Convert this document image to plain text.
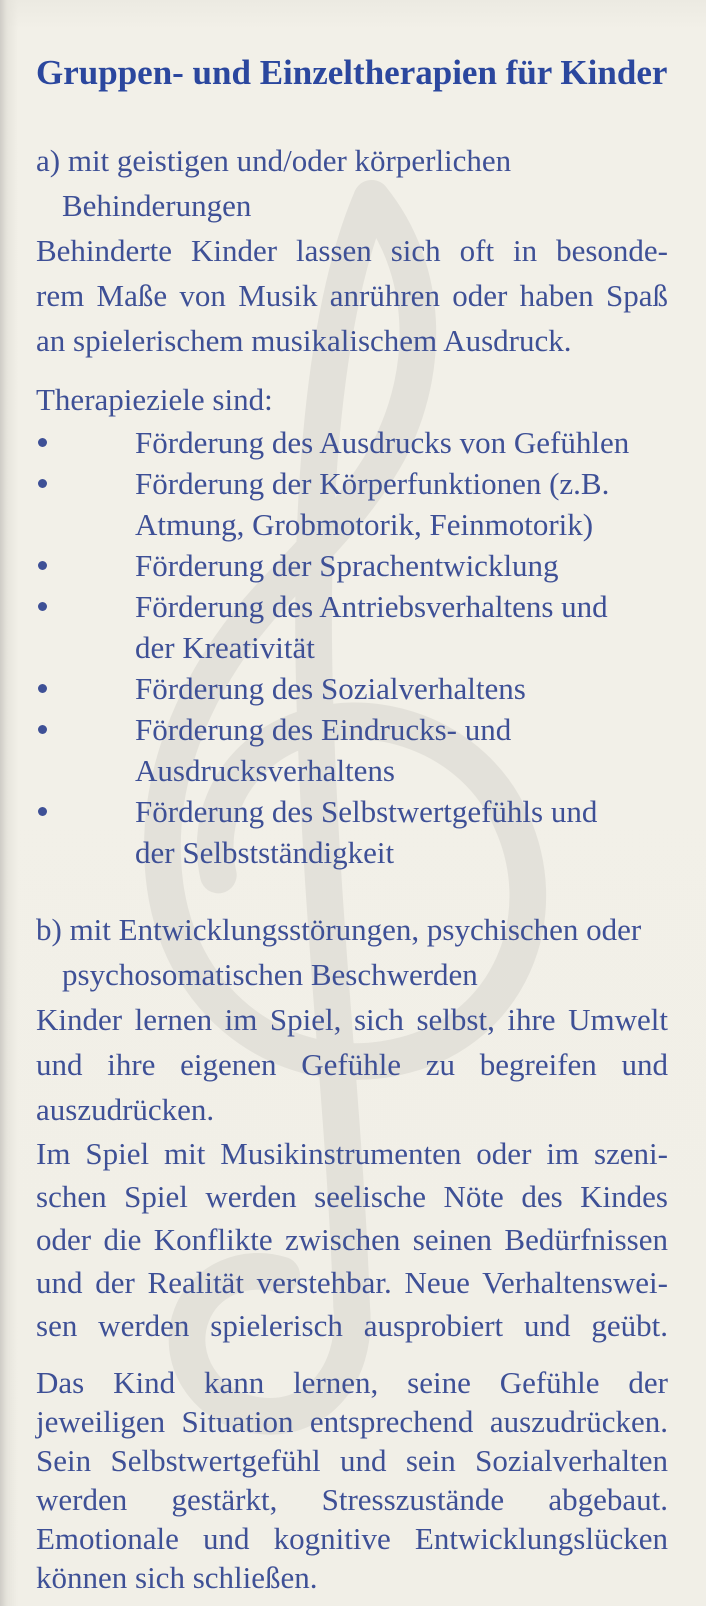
Gruppen- und Einzeltherapien für Kinder
a) mit geistigen und/oder körperlichen
Behinderungen
Behinderte Kinder lassen sich oft in besonde-
rem Maße von Musik anrühren oder haben Spaß
an spielerischem musikalischem Ausdruck.
Therapieziele sind:
Förderung des Ausdrucks von Gefühlen
Förderung der Körperfunktionen (z.B.
Atmung, Grobmotorik, Feinmotorik)
Förderung der Sprachentwicklung
Förderung des Antriebsverhaltens und
der Kreativität
Förderung des Sozialverhaltens
Förderung des Eindrucks- und
Ausdrucksverhaltens
Förderung des Selbstwertgefühls und
der Selbstständigkeit
b) mit Entwicklungsstörungen, psychischen oder
psychosomatischen Beschwerden
Kinder lernen im Spiel, sich selbst, ihre Umwelt
und ihre eigenen Gefühle zu begreifen und
auszudrücken.
Im Spiel mit Musikinstrumenten oder im szeni-
schen Spiel werden seelische Nöte des Kindes
oder die Konflikte zwischen seinen Bedürfnissen
und der Realität verstehbar. Neue Verhaltenswei-
sen werden spielerisch ausprobiert und geübt.
Das Kind kann lernen, seine Gefühle der
jeweiligen Situation entsprechend auszudrücken.
Sein Selbstwertgefühl und sein Sozialverhalten
werden gestärkt, Stresszustände abgebaut.
Emotionale und kognitive Entwicklungslücken
können sich schließen.
